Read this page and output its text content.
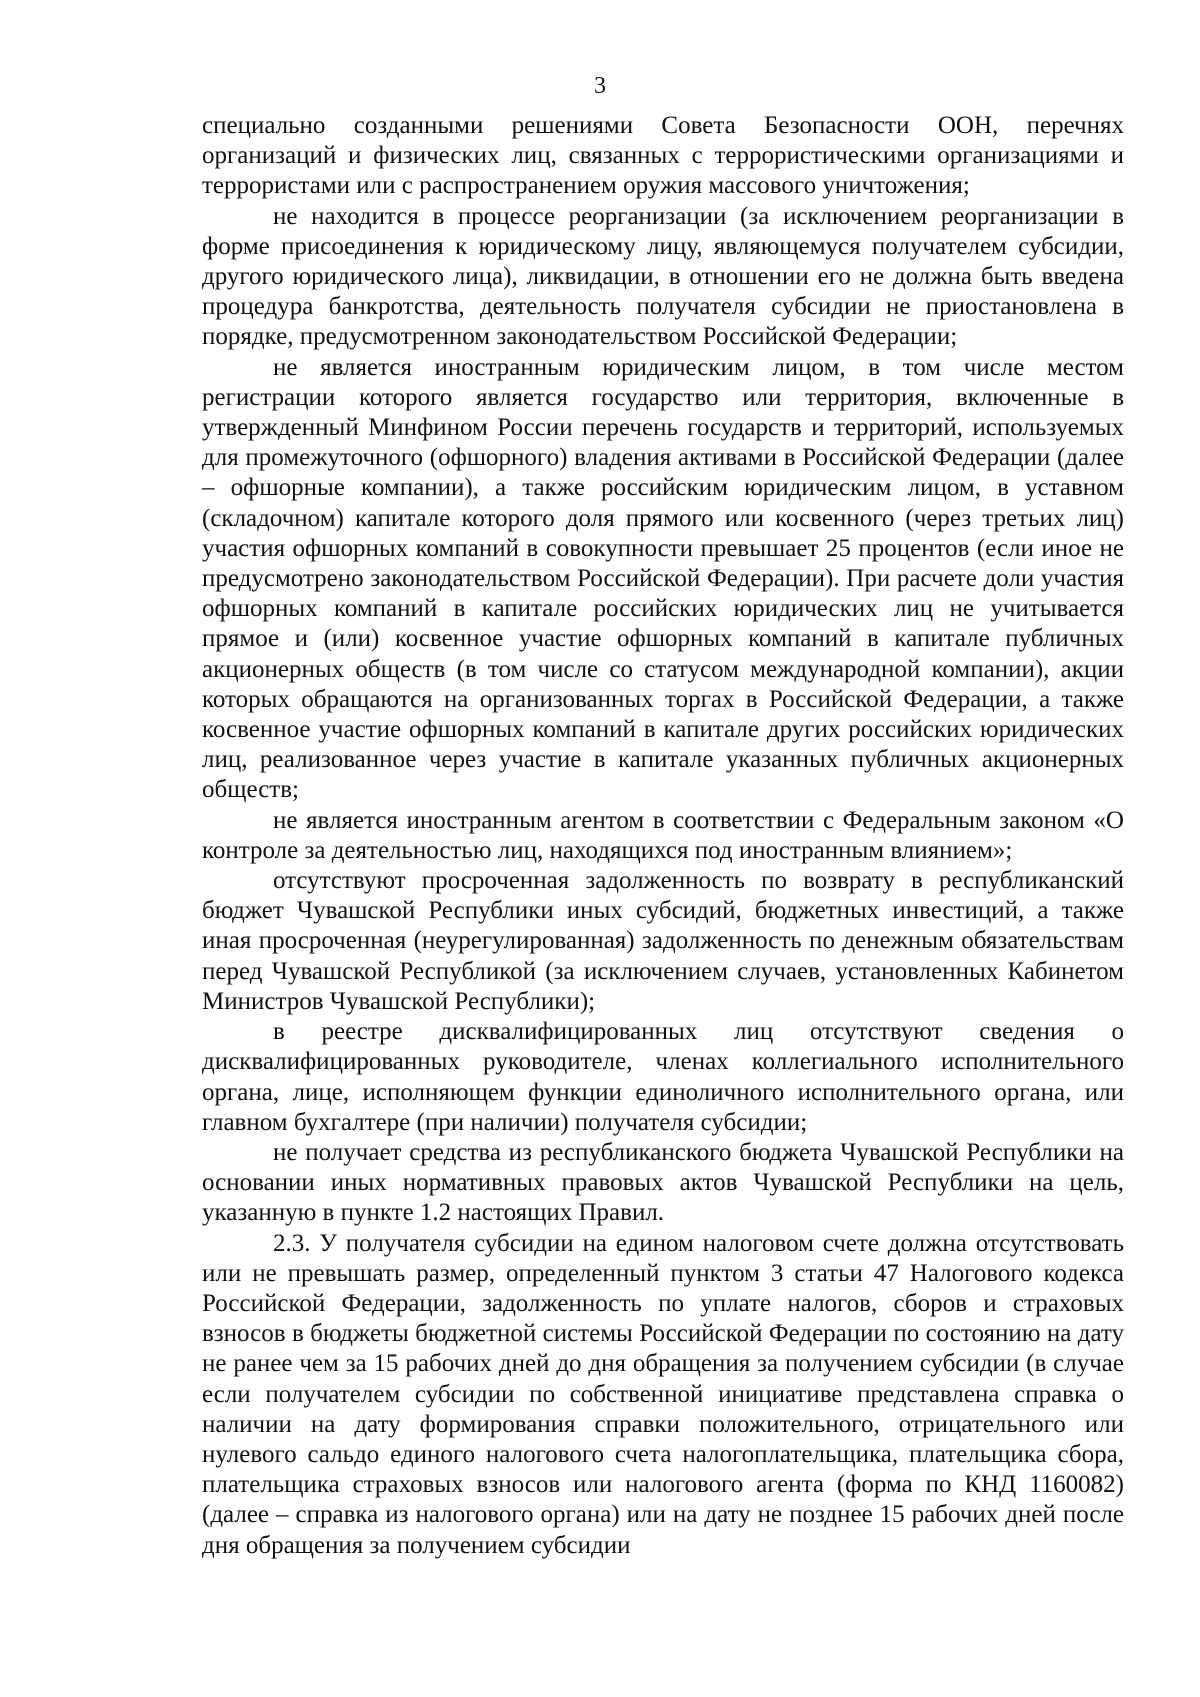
3

специально созданными решениями Совета Безопасности ООН, перечнях организаций и физических лиц, связанных с террористическими организациями и террористами или с распространением оружия массового уничтожения;

не находится в процессе реорганизации (за исключением реорганизации в форме присоединения к юридическому лицу, являющемуся получателем субсидии, другого юридического лица), ликвидации, в отношении его не должна быть введена процедура банкротства, деятельность получателя субсидии не приостановлена в порядке, предусмотренном законодательством Российской Федерации;

не является иностранным юридическим лицом, в том числе местом регистрации которого является государство или территория, включенные в утвержденный Минфином России перечень государств и территорий, используемых для промежуточного (офшорного) владения активами в Российской Федерации (далее – офшорные компании), а также российским юридическим лицом, в уставном (складочном) капитале которого доля прямого или косвенного (через третьих лиц) участия офшорных компаний в совокупности превышает 25 процентов (если иное не предусмотрено законодательством Российской Федерации). При расчете доли участия офшорных компаний в капитале российских юридических лиц не учитывается прямое и (или) косвенное участие офшорных компаний в капитале публичных акционерных обществ (в том числе со статусом международной компании), акции которых обращаются на организованных торгах в Российской Федерации, а также косвенное участие офшорных компаний в капитале других российских юридических лиц, реализованное через участие в капитале указанных публичных акционерных обществ;

не является иностранным агентом в соответствии с Федеральным законом «О контроле за деятельностью лиц, находящихся под иностранным влиянием»;

отсутствуют просроченная задолженность по возврату в республиканский бюджет Чувашской Республики иных субсидий, бюджетных инвестиций, а также иная просроченная (неурегулированная) задолженность по денежным обязательствам перед Чувашской Республикой (за исключением случаев, установленных Кабинетом Министров Чувашской Республики);

в реестре дисквалифицированных лиц отсутствуют сведения о дисквалифицированных руководителе, членах коллегиального исполнительного органа, лице, исполняющем функции единоличного исполнительного органа, или главном бухгалтере (при наличии) получателя субсидии;

не получает средства из республиканского бюджета Чувашской Республики на основании иных нормативных правовых актов Чувашской Республики на цель, указанную в пункте 1.2 настоящих Правил.

2.3. У получателя субсидии на едином налоговом счете должна отсутствовать или не превышать размер, определенный пунктом 3 статьи 47 Налогового кодекса Российской Федерации, задолженность по уплате налогов, сборов и страховых взносов в бюджеты бюджетной системы Российской Федерации по состоянию на дату не ранее чем за 15 рабочих дней до дня обращения за получением субсидии (в случае если получателем субсидии по собственной инициативе представлена справка о наличии на дату формирования справки положительного, отрицательного или нулевого сальдо единого налогового счета налогоплательщика, плательщика сбора, плательщика страховых взносов или налогового агента (форма по КНД 1160082) (далее – справка из налогового органа) или на дату не позднее 15 рабочих дней после дня обращения за получением субсидии
